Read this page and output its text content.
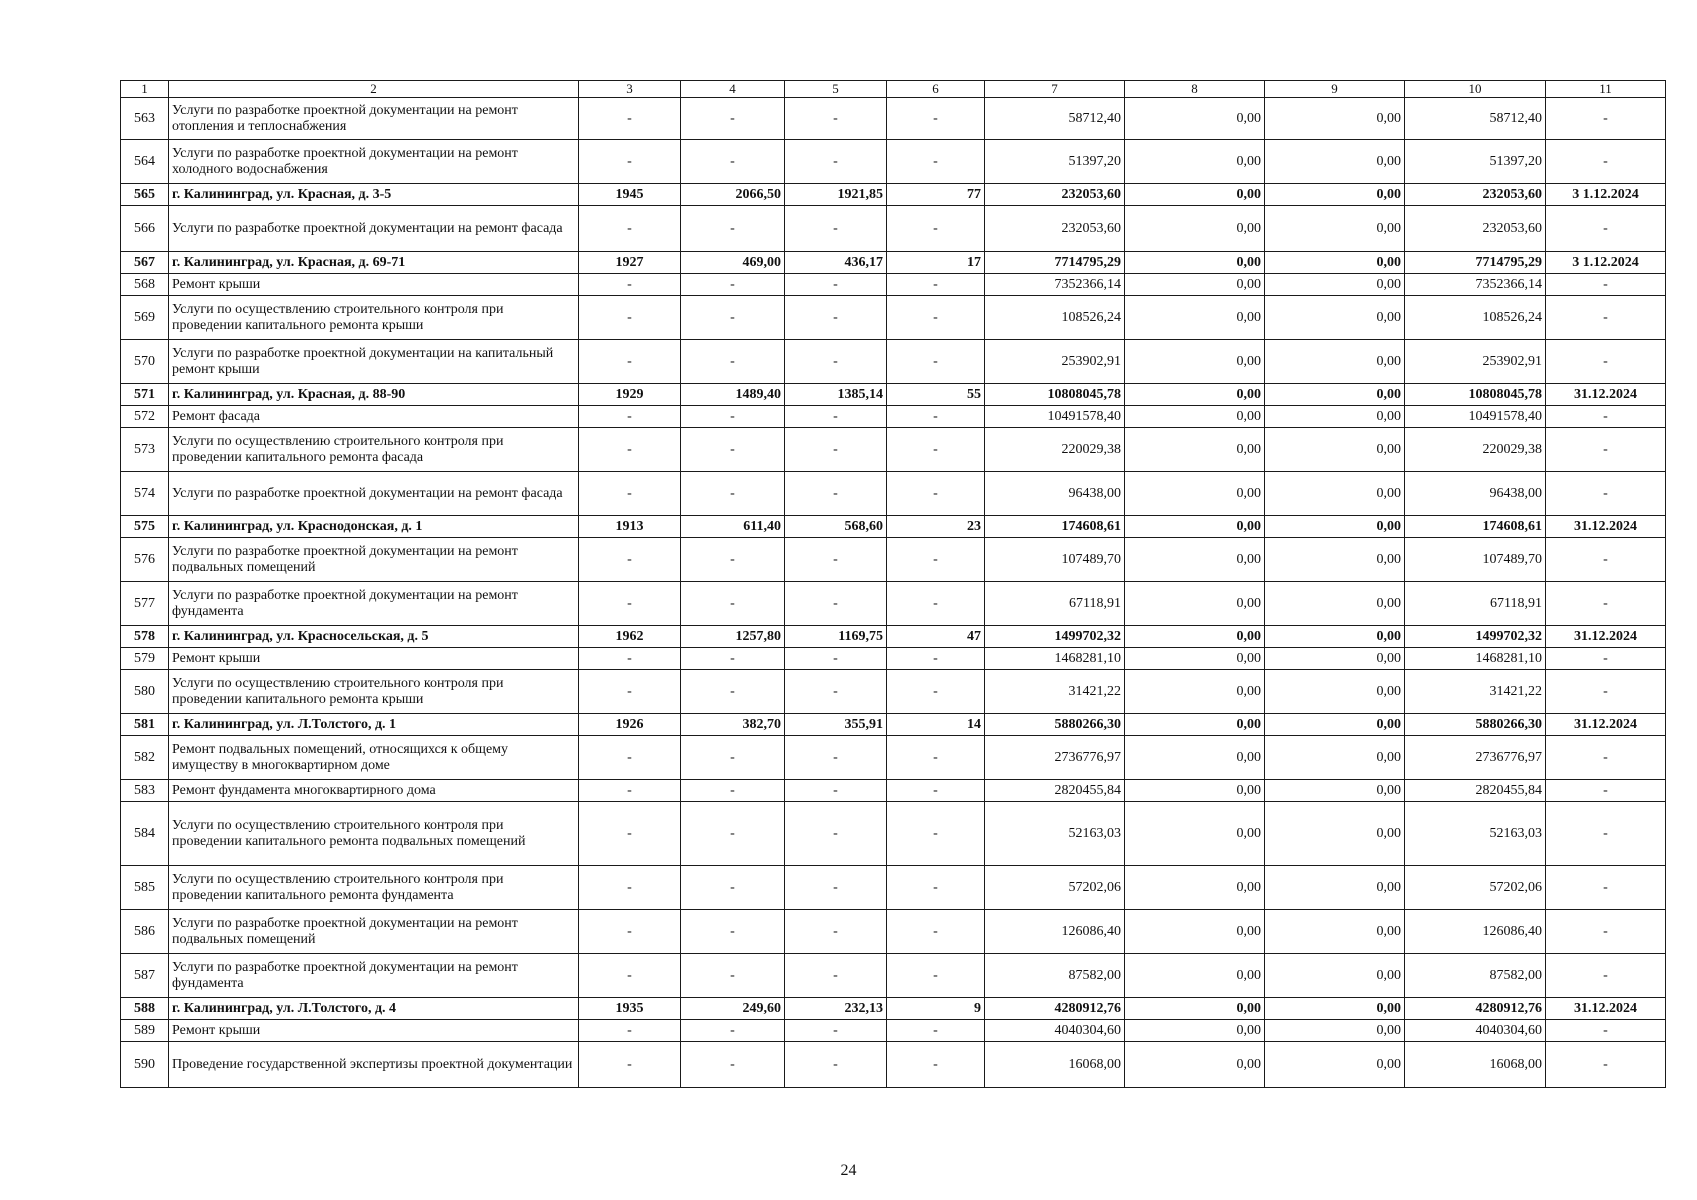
1	2	3	4	5	6	7	8	9	10	11
563	Услуги по разработке проектной документации на ремонт отопления и теплоснабжения	-	-	-	-	58712,40	0,00	0,00	58712,40	-
564	Услуги по разработке проектной документации на ремонт холодного водоснабжения	-	-	-	-	51397,20	0,00	0,00	51397,20	-
565	г. Калининград, ул. Красная, д. 3-5	1945	2066,50	1921,85	77	232053,60	0,00	0,00	232053,60	3 1.12.2024
566	Услуги по разработке проектной документации на ремонт фасада	-	-	-	-	232053,60	0,00	0,00	232053,60	-
567	г. Калининград, ул. Красная, д. 69-71	1927	469,00	436,17	17	7714795,29	0,00	0,00	7714795,29	3 1.12.2024
568	Ремонт крыши	-	-	-	-	7352366,14	0,00	0,00	7352366,14	-
569	Услуги по осуществлению строительного контроля при проведении капитального ремонта крыши	-	-	-	-	108526,24	0,00	0,00	108526,24	-
570	Услуги по разработке проектной документации на капитальный ремонт крыши	-	-	-	-	253902,91	0,00	0,00	253902,91	-
571	г. Калининград, ул. Красная, д. 88-90	1929	1489,40	1385,14	55	10808045,78	0,00	0,00	10808045,78	31.12.2024
572	Ремонт фасада	-	-	-	-	10491578,40	0,00	0,00	10491578,40	-
573	Услуги по осуществлению строительного контроля при проведении капитального ремонта фасада	-	-	-	-	220029,38	0,00	0,00	220029,38	-
574	Услуги по разработке проектной документации на ремонт фасада	-	-	-	-	96438,00	0,00	0,00	96438,00	-
575	г. Калининград, ул. Краснодонская, д. 1	1913	611,40	568,60	23	174608,61	0,00	0,00	174608,61	31.12.2024
576	Услуги по разработке проектной документации на ремонт подвальных помещений	-	-	-	-	107489,70	0,00	0,00	107489,70	-
577	Услуги по разработке проектной документации на ремонт фундамента	-	-	-	-	67118,91	0,00	0,00	67118,91	-
578	г. Калининград, ул. Красносельская, д. 5	1962	1257,80	1169,75	47	1499702,32	0,00	0,00	1499702,32	31.12.2024
579	Ремонт крыши	-	-	-	-	1468281,10	0,00	0,00	1468281,10	-
580	Услуги по осуществлению строительного контроля при проведении капитального ремонта крыши	-	-	-	-	31421,22	0,00	0,00	31421,22	-
581	г. Калининград, ул. Л.Толстого, д. 1	1926	382,70	355,91	14	5880266,30	0,00	0,00	5880266,30	31.12.2024
582	Ремонт подвальных помещений, относящихся к общему имуществу в многоквартирном доме	-	-	-	-	2736776,97	0,00	0,00	2736776,97	-
583	Ремонт фундамента многоквартирного дома	-	-	-	-	2820455,84	0,00	0,00	2820455,84	-
584	Услуги по осуществлению строительного контроля при проведении капитального ремонта подвальных помещений	-	-	-	-	52163,03	0,00	0,00	52163,03	-
585	Услуги по осуществлению строительного контроля при проведении капитального ремонта фундамента	-	-	-	-	57202,06	0,00	0,00	57202,06	-
586	Услуги по разработке проектной документации на ремонт подвальных помещений	-	-	-	-	126086,40	0,00	0,00	126086,40	-
587	Услуги по разработке проектной документации на ремонт фундамента	-	-	-	-	87582,00	0,00	0,00	87582,00	-
588	г. Калининград, ул. Л.Толстого, д. 4	1935	249,60	232,13	9	4280912,76	0,00	0,00	4280912,76	31.12.2024
589	Ремонт крыши	-	-	-	-	4040304,60	0,00	0,00	4040304,60	-
590	Проведение государственной экспертизы проектной документации	-	-	-	-	16068,00	0,00	0,00	16068,00	-
24
